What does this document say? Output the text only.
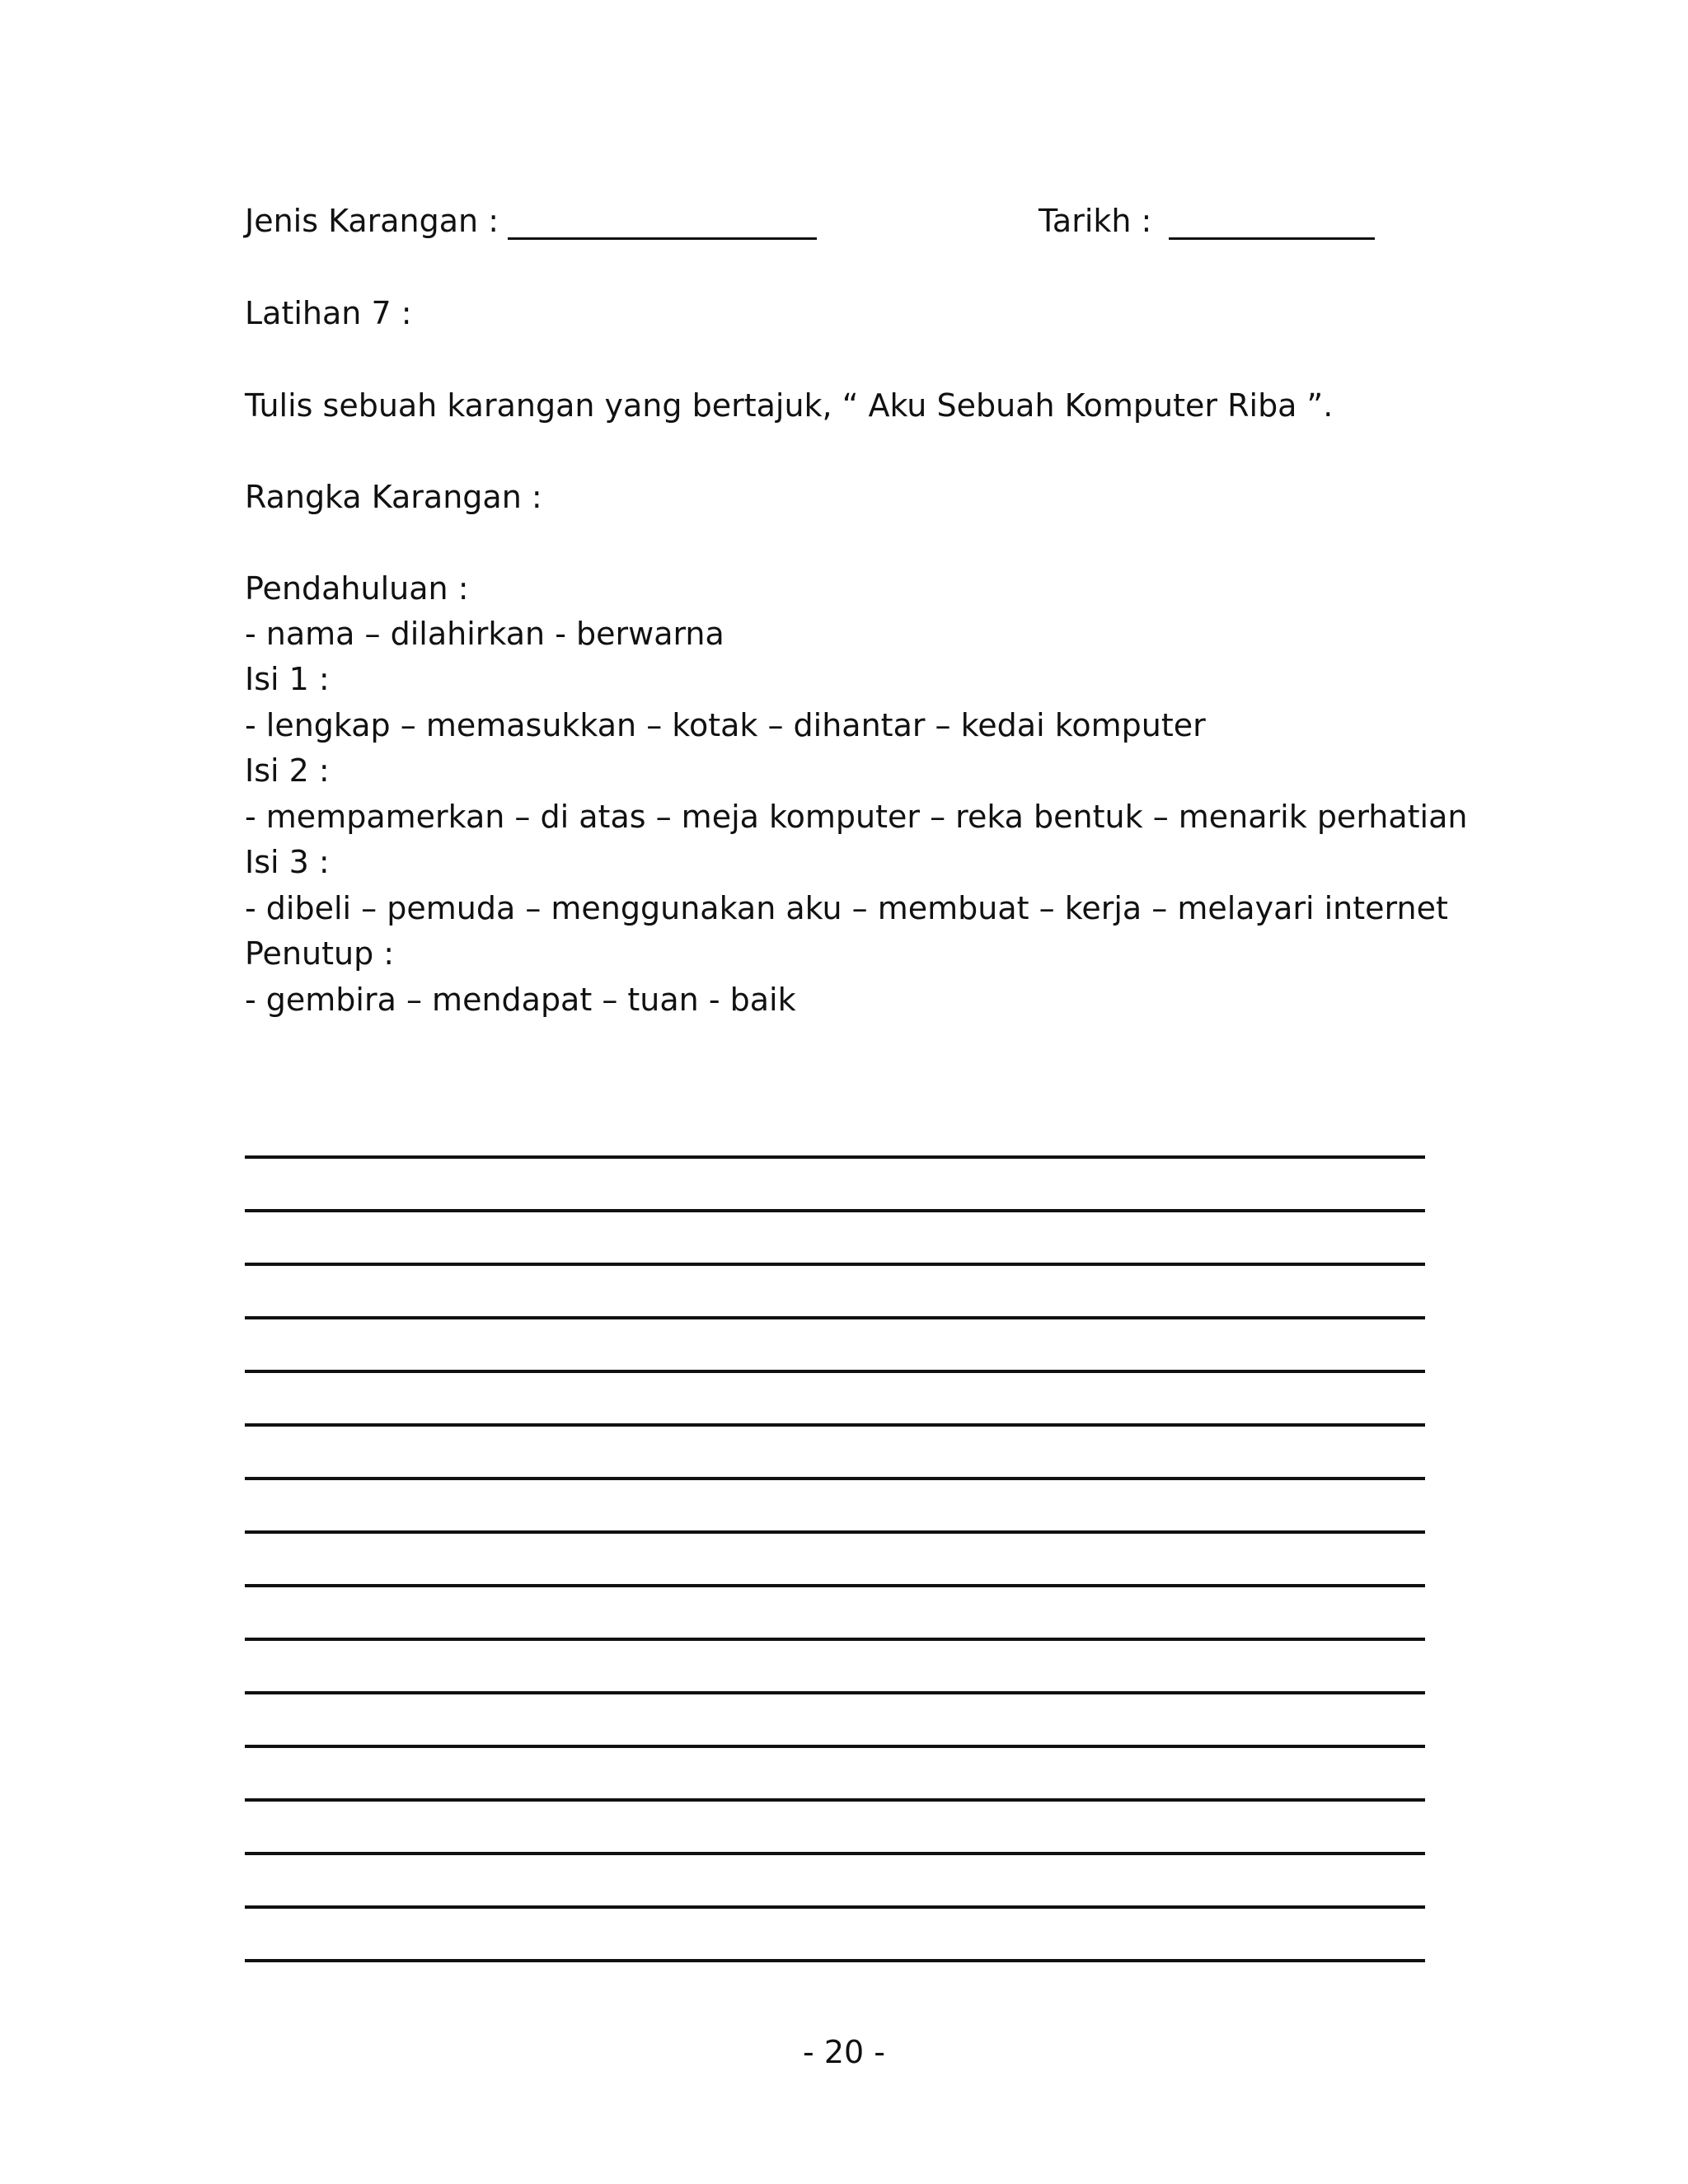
Jenis Karangan :	Tarikh :
Latihan 7 :
Tulis sebuah karangan yang bertajuk, “ Aku Sebuah Komputer Riba ”.
Rangka Karangan :
Pendahuluan :
- nama – dilahirkan - berwarna
Isi 1 :
- lengkap – memasukkan – kotak – dihantar – kedai komputer
Isi 2 :
- mempamerkan – di atas – meja komputer – reka bentuk – menarik perhatian
Isi 3 :
- dibeli – pemuda – menggunakan aku – membuat – kerja – melayari internet
Penutup :
- gembira – mendapat – tuan - baik
- 20 -
